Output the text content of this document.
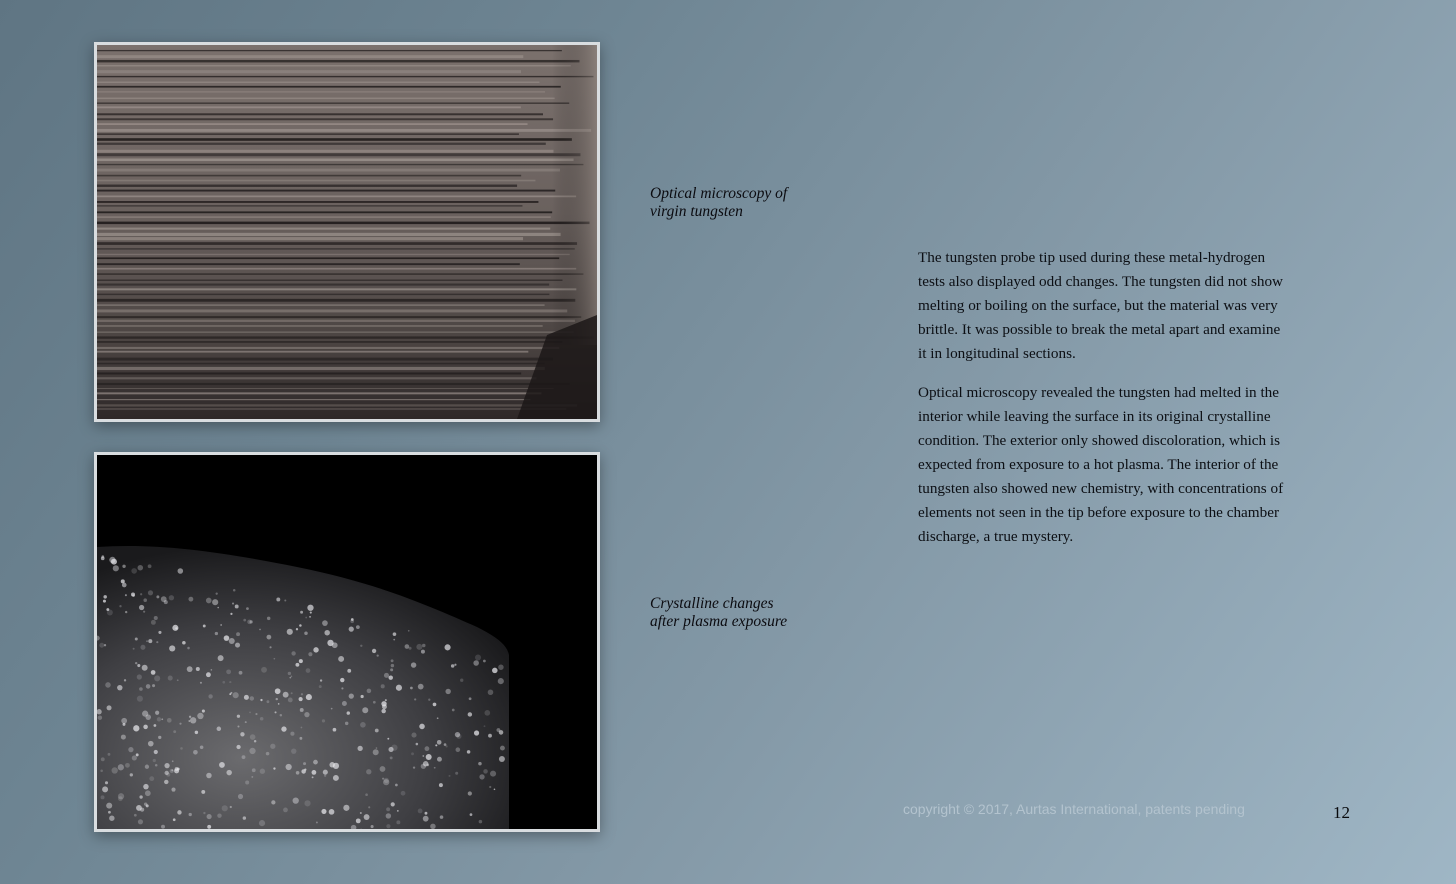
Optical microscopy of
virgin tungsten
Crystalline changes
after plasma exposure

The tungsten probe tip used during these metal-hydrogen tests also displayed odd changes. The tungsten did not show melting or boiling on the surface, but the material was very brittle. It was possible to break the metal apart and examine it in longitudinal sections.

Optical microscopy revealed the tungsten had melted in the interior while leaving the surface in its original crystalline condition. The exterior only showed discoloration, which is expected from exposure to a hot plasma. The interior of the tungsten also showed new chemistry, with concentrations of elements not seen in the tip before exposure to the chamber discharge, a true mystery.

copyright © 2017, Aurtas International, patents pending	12
